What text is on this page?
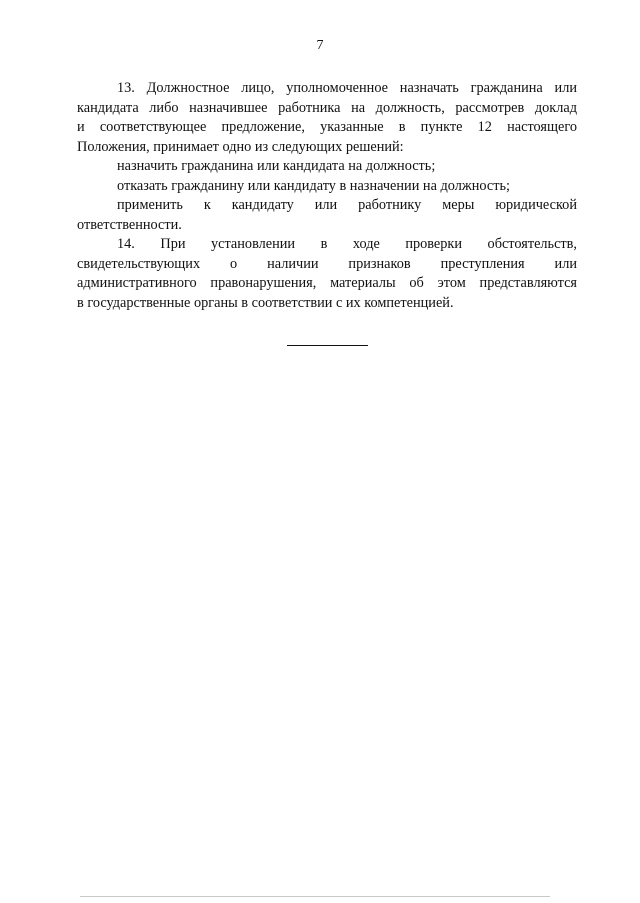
7
13. Должностное лицо, уполномоченное назначать гражданина или
кандидата либо назначившее работника на должность, рассмотрев доклад
и соответствующее предложение, указанные в пункте 12 настоящего
Положения, принимает одно из следующих решений:
назначить гражданина или кандидата на должность;
отказать гражданину или кандидату в назначении на должность;
применить к кандидату или работнику меры юридической
ответственности.
14. При установлении в ходе проверки обстоятельств,
свидетельствующих о наличии признаков преступления или
административного правонарушения, материалы об этом представляются
в государственные органы в соответствии с их компетенцией.
